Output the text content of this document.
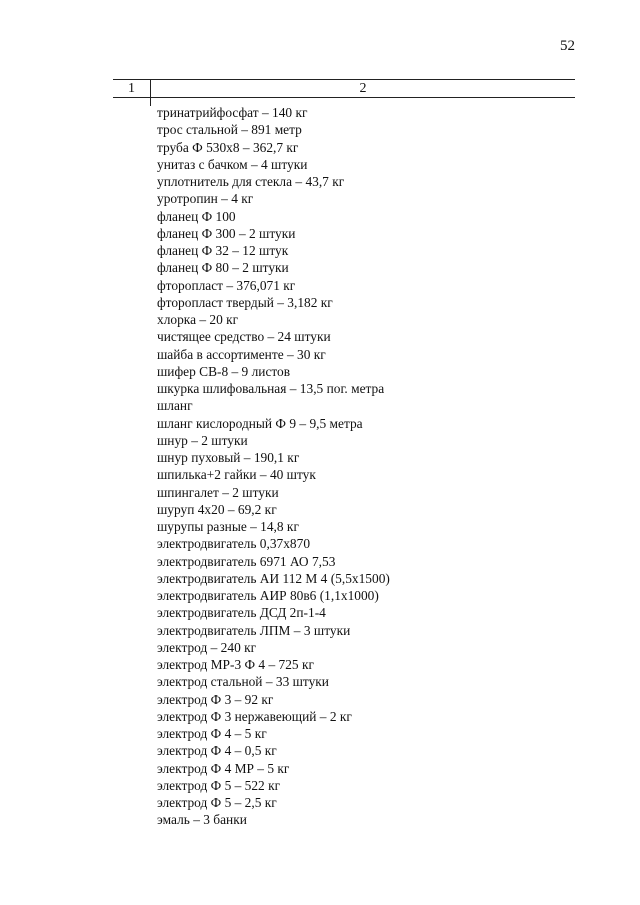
52
1	2
тринатрийфосфат – 140 кг
трос стальной – 891 метр
труба Ф 530х8 – 362,7 кг
унитаз с бачком – 4 штуки
уплотнитель для стекла – 43,7 кг
уротропин – 4 кг
фланец Ф 100
фланец Ф 300 – 2 штуки
фланец Ф 32 – 12 штук
фланец Ф 80 – 2 штуки
фторопласт – 376,071 кг
фторопласт твердый – 3,182 кг
хлорка – 20 кг
чистящее средство – 24 штуки
шайба в ассортименте – 30 кг
шифер СВ-8 – 9 листов
шкурка шлифовальная – 13,5 пог. метра
шланг
шланг кислородный Ф 9 – 9,5 метра
шнур – 2 штуки
шнур пуховый – 190,1 кг
шпилька+2 гайки – 40 штук
шпингалет – 2 штуки
шуруп 4х20 – 69,2 кг
шурупы разные – 14,8 кг
электродвигатель 0,37х870
электродвигатель 6971 АО 7,53
электродвигатель АИ 112 М 4 (5,5х1500)
электродвигатель АИР 80в6 (1,1х1000)
электродвигатель ДСД 2п-1-4
электродвигатель ЛПМ – 3 штуки
электрод – 240 кг
электрод МР-3 Ф 4 – 725 кг
электрод стальной – 33 штуки
электрод Ф 3 – 92 кг
электрод Ф 3 нержавеющий – 2 кг
электрод Ф 4 – 5 кг
электрод Ф 4 – 0,5 кг
электрод Ф 4 МР – 5 кг
электрод Ф 5 – 522 кг
электрод Ф 5 – 2,5 кг
эмаль – 3 банки
